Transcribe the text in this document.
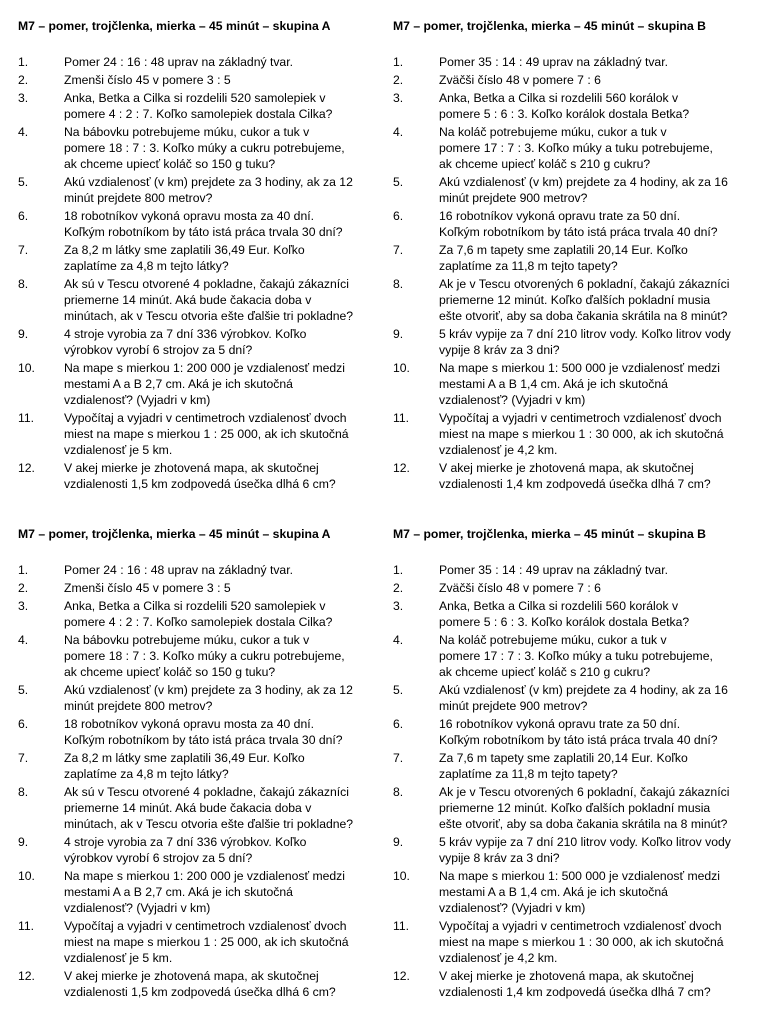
M7 – pomer, trojčlenka, mierka – 45 minút – skupina A
1.	Pomer 24 : 16 : 48 uprav na základný tvar.
2.	Zmenši číslo 45 v pomere 3 : 5
3.	Anka, Betka a Cilka si rozdelili 520 samolepiek v
pomere 4 : 2 : 7. Koľko samolepiek dostala Cilka?
4.	Na bábovku potrebujeme múku, cukor a tuk v
pomere 18 : 7 : 3. Koľko múky a cukru potrebujeme,
ak chceme upiecť koláč so 150 g tuku?
5.	Akú vzdialenosť (v km) prejdete za 3 hodiny, ak za 12
minút prejdete 800 metrov?
6.	18 robotníkov vykoná opravu mosta za 40 dní.
Koľkým robotníkom by táto istá práca trvala 30 dní?
7.	Za 8,2 m látky sme zaplatili 36,49 Eur. Koľko
zaplatíme za 4,8 m tejto látky?
8.	Ak sú v Tescu otvorené 4 pokladne, čakajú zákazníci
priemerne 14 minút. Aká bude čakacia doba v
minútach, ak v Tescu otvoria ešte ďalšie tri pokladne?
9.	4 stroje vyrobia za 7 dní 336 výrobkov. Koľko
výrobkov vyrobí 6 strojov za 5 dní?
10.	Na mape s mierkou 1: 200 000 je vzdialenosť medzi
mestami A a B 2,7 cm. Aká je ich skutočná
vzdialenosť? (Vyjadri v km)
11.	Vypočítaj a vyjadri v centimetroch vzdialenosť dvoch
miest na mape s mierkou 1 : 25 000, ak ich skutočná
vzdialenosť je 5 km.
12.	V akej mierke je zhotovená mapa, ak skutočnej
vzdialenosti 1,5 km zodpovedá úsečka dlhá 6 cm?
M7 – pomer, trojčlenka, mierka – 45 minút – skupina B
1.	Pomer 35 : 14 : 49 uprav na základný tvar.
2.	Zväčši číslo 48 v pomere 7 : 6
3.	Anka, Betka a Cilka si rozdelili 560 korálok v
pomere 5 : 6 : 3. Koľko korálok dostala Betka?
4.	Na koláč potrebujeme múku, cukor a tuk v
pomere 17 : 7 : 3. Koľko múky a tuku potrebujeme,
ak chceme upiecť koláč s 210 g cukru?
5.	Akú vzdialenosť (v km) prejdete za 4 hodiny, ak za 16
minút prejdete 900 metrov?
6.	16 robotníkov vykoná opravu trate za 50 dní.
Koľkým robotníkom by táto istá práca trvala 40 dní?
7.	Za 7,6 m tapety sme zaplatili 20,14 Eur. Koľko
zaplatíme za 11,8 m tejto tapety?
8.	Ak je v Tescu otvorených 6 pokladní, čakajú zákazníci
priemerne 12 minút. Koľko ďalších pokladní musia
ešte otvoriť, aby sa doba čakania skrátila na 8 minút?
9.	5 kráv vypije za 7 dní 210 litrov vody. Koľko litrov vody
vypije 8 kráv za 3 dni?
10.	Na mape s mierkou 1: 500 000 je vzdialenosť medzi
mestami A a B 1,4 cm. Aká je ich skutočná
vzdialenosť? (Vyjadri v km)
11.	Vypočítaj a vyjadri v centimetroch vzdialenosť dvoch
miest na mape s mierkou 1 : 30 000, ak ich skutočná
vzdialenosť je 4,2 km.
12.	V akej mierke je zhotovená mapa, ak skutočnej
vzdialenosti 1,4 km zodpovedá úsečka dlhá 7 cm?
M7 – pomer, trojčlenka, mierka – 45 minút – skupina A
1.	Pomer 24 : 16 : 48 uprav na základný tvar.
2.	Zmenši číslo 45 v pomere 3 : 5
3.	Anka, Betka a Cilka si rozdelili 520 samolepiek v
pomere 4 : 2 : 7. Koľko samolepiek dostala Cilka?
4.	Na bábovku potrebujeme múku, cukor a tuk v
pomere 18 : 7 : 3. Koľko múky a cukru potrebujeme,
ak chceme upiecť koláč so 150 g tuku?
5.	Akú vzdialenosť (v km) prejdete za 3 hodiny, ak za 12
minút prejdete 800 metrov?
6.	18 robotníkov vykoná opravu mosta za 40 dní.
Koľkým robotníkom by táto istá práca trvala 30 dní?
7.	Za 8,2 m látky sme zaplatili 36,49 Eur. Koľko
zaplatíme za 4,8 m tejto látky?
8.	Ak sú v Tescu otvorené 4 pokladne, čakajú zákazníci
priemerne 14 minút. Aká bude čakacia doba v
minútach, ak v Tescu otvoria ešte ďalšie tri pokladne?
9.	4 stroje vyrobia za 7 dní 336 výrobkov. Koľko
výrobkov vyrobí 6 strojov za 5 dní?
10.	Na mape s mierkou 1: 200 000 je vzdialenosť medzi
mestami A a B 2,7 cm. Aká je ich skutočná
vzdialenosť? (Vyjadri v km)
11.	Vypočítaj a vyjadri v centimetroch vzdialenosť dvoch
miest na mape s mierkou 1 : 25 000, ak ich skutočná
vzdialenosť je 5 km.
12.	V akej mierke je zhotovená mapa, ak skutočnej
vzdialenosti 1,5 km zodpovedá úsečka dlhá 6 cm?
M7 – pomer, trojčlenka, mierka – 45 minút – skupina B
1.	Pomer 35 : 14 : 49 uprav na základný tvar.
2.	Zväčši číslo 48 v pomere 7 : 6
3.	Anka, Betka a Cilka si rozdelili 560 korálok v
pomere 5 : 6 : 3. Koľko korálok dostala Betka?
4.	Na koláč potrebujeme múku, cukor a tuk v
pomere 17 : 7 : 3. Koľko múky a tuku potrebujeme,
ak chceme upiecť koláč s 210 g cukru?
5.	Akú vzdialenosť (v km) prejdete za 4 hodiny, ak za 16
minút prejdete 900 metrov?
6.	16 robotníkov vykoná opravu trate za 50 dní.
Koľkým robotníkom by táto istá práca trvala 40 dní?
7.	Za 7,6 m tapety sme zaplatili 20,14 Eur. Koľko
zaplatíme za 11,8 m tejto tapety?
8.	Ak je v Tescu otvorených 6 pokladní, čakajú zákazníci
priemerne 12 minút. Koľko ďalších pokladní musia
ešte otvoriť, aby sa doba čakania skrátila na 8 minút?
9.	5 kráv vypije za 7 dní 210 litrov vody. Koľko litrov vody
vypije 8 kráv za 3 dni?
10.	Na mape s mierkou 1: 500 000 je vzdialenosť medzi
mestami A a B 1,4 cm. Aká je ich skutočná
vzdialenosť? (Vyjadri v km)
11.	Vypočítaj a vyjadri v centimetroch vzdialenosť dvoch
miest na mape s mierkou 1 : 30 000, ak ich skutočná
vzdialenosť je 4,2 km.
12.	V akej mierke je zhotovená mapa, ak skutočnej
vzdialenosti 1,4 km zodpovedá úsečka dlhá 7 cm?
